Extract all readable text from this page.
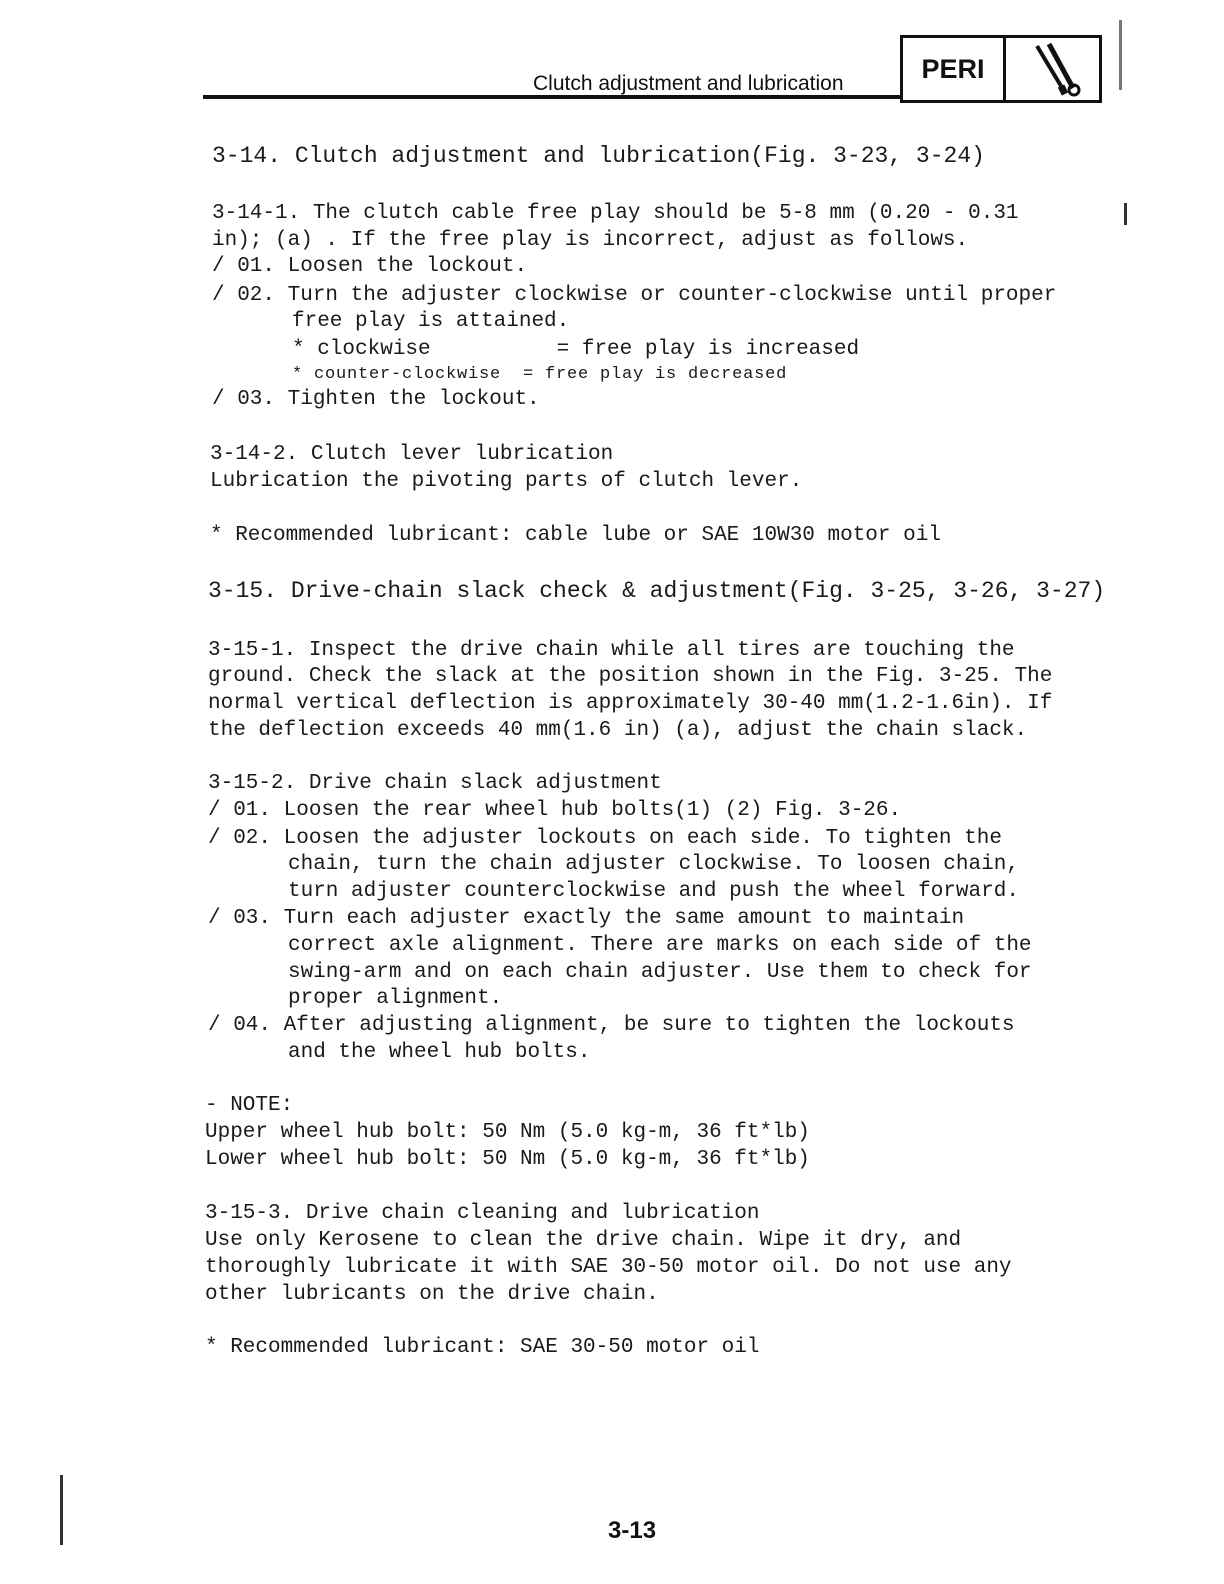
Clutch adjustment and lubrication	PERI
3-14. Clutch adjustment and lubrication(Fig. 3-23, 3-24)
3-14-1. The clutch cable free play should be 5-8 mm (0.20 - 0.31
in); (a) . If the free play is incorrect, adjust as follows.
/ 01. Loosen the lockout.
/ 02. Turn the adjuster clockwise or counter-clockwise until proper
free play is attained.
* clockwise          = free play is increased
* counter-clockwise  = free play is decreased
/ 03. Tighten the lockout.
3-14-2. Clutch lever lubrication
Lubrication the pivoting parts of clutch lever.
* Recommended lubricant: cable lube or SAE 10W30 motor oil
3-15. Drive-chain slack check & adjustment(Fig. 3-25, 3-26, 3-27)
3-15-1. Inspect the drive chain while all tires are touching the
ground. Check the slack at the position shown in the Fig. 3-25. The
normal vertical deflection is approximately 30-40 mm(1.2-1.6in). If
the deflection exceeds 40 mm(1.6 in) (a), adjust the chain slack.
3-15-2. Drive chain slack adjustment
/ 01. Loosen the rear wheel hub bolts(1) (2) Fig. 3-26.
/ 02. Loosen the adjuster lockouts on each side. To tighten the
chain, turn the chain adjuster clockwise. To loosen chain,
turn adjuster counterclockwise and push the wheel forward.
/ 03. Turn each adjuster exactly the same amount to maintain
correct axle alignment. There are marks on each side of the
swing-arm and on each chain adjuster. Use them to check for
proper alignment.
/ 04. After adjusting alignment, be sure to tighten the lockouts
and the wheel hub bolts.
- NOTE:
Upper wheel hub bolt: 50 Nm (5.0 kg-m, 36 ft*lb)
Lower wheel hub bolt: 50 Nm (5.0 kg-m, 36 ft*lb)
3-15-3. Drive chain cleaning and lubrication
Use only Kerosene to clean the drive chain. Wipe it dry, and
thoroughly lubricate it with SAE 30-50 motor oil. Do not use any
other lubricants on the drive chain.
* Recommended lubricant: SAE 30-50 motor oil
3-13
